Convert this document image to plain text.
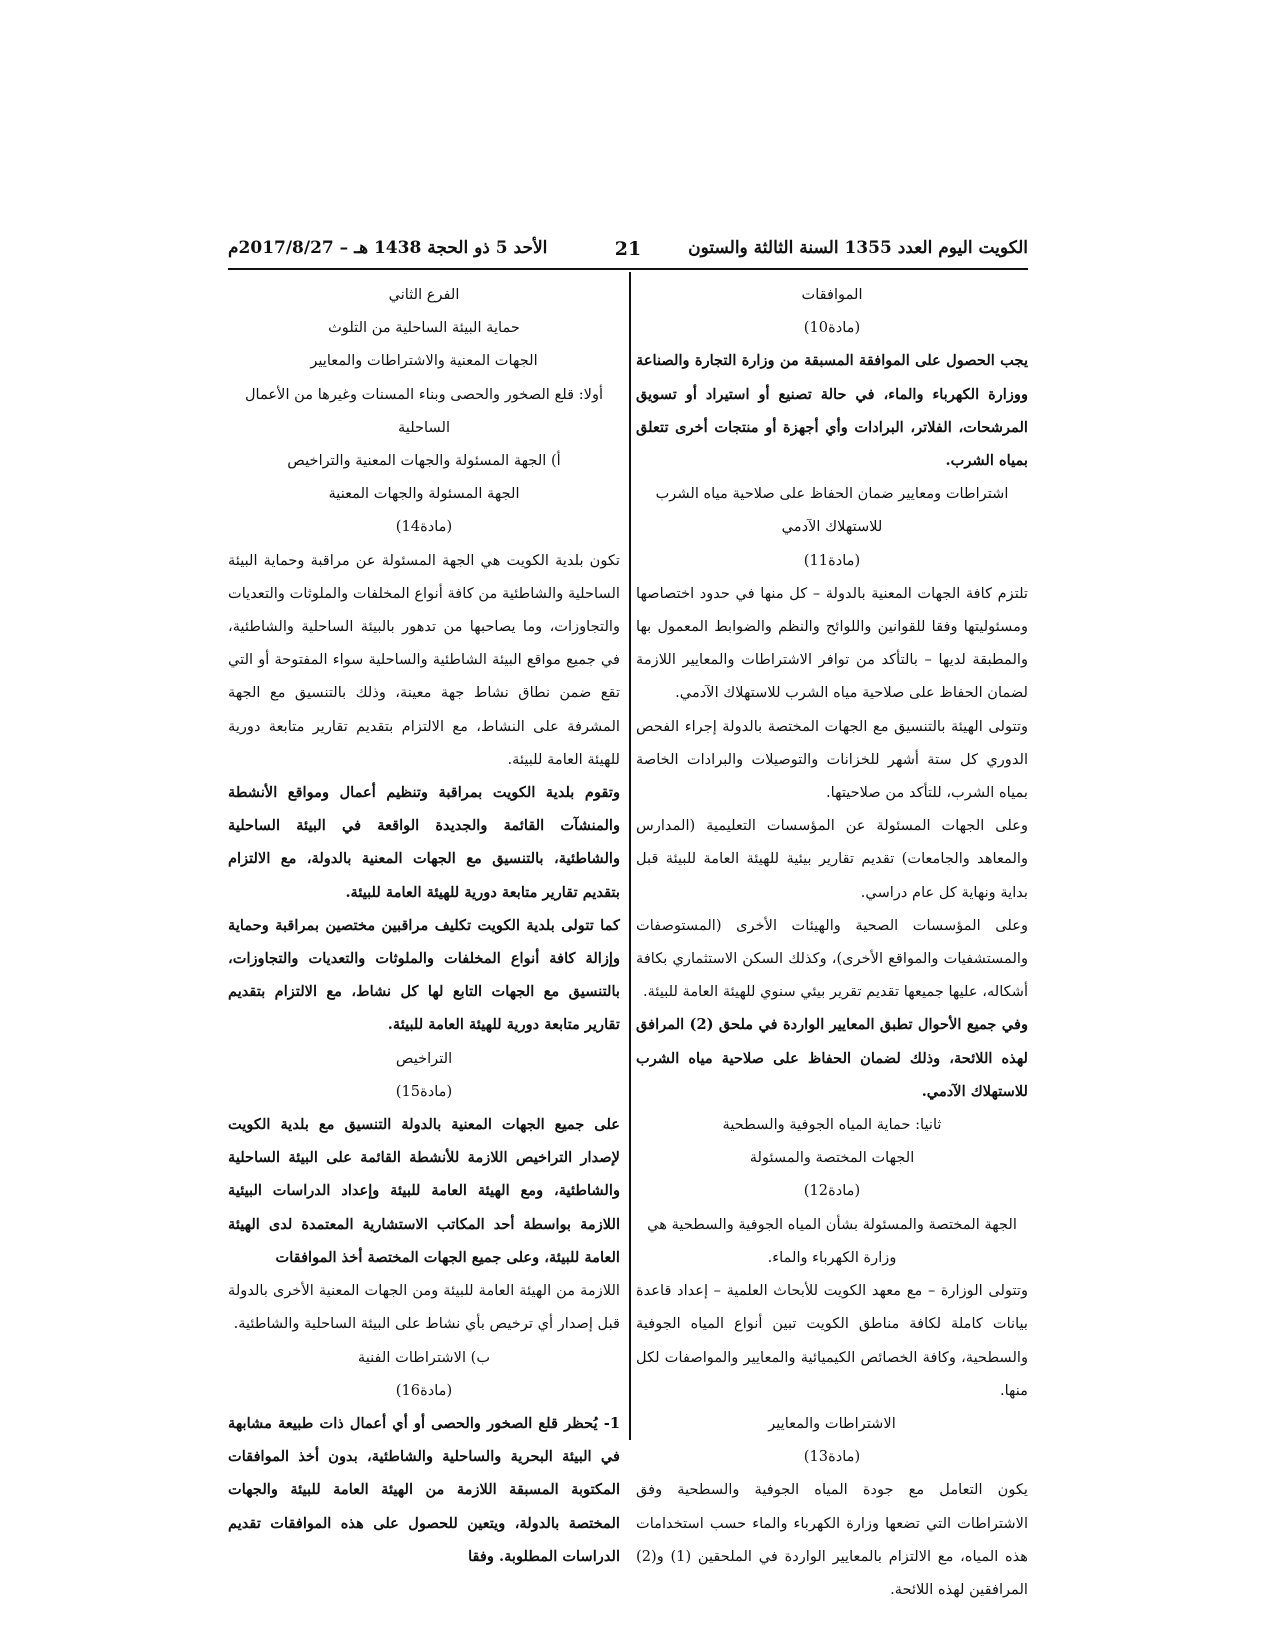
الكويت اليوم العدد 1355 السنة الثالثة والستون
21
الأحد 5 ذو الحجة 1438 هـ – 2017/8/27م

الموافقات

(مادة10)

يجب الحصول على الموافقة المسبقة من وزارة التجارة والصناعة ووزارة الكهرباء والماء، في حالة تصنيع أو استيراد أو تسويق المرشحات، الفلاتر، البرادات وأي أجهزة أو منتجات أخرى تتعلق بمياه الشرب.

اشتراطات ومعايير ضمان الحفاظ على صلاحية مياه الشرب للاستهلاك الآدمي

(مادة11)

تلتزم كافة الجهات المعنية بالدولة – كل منها في حدود اختصاصها ومسئوليتها وفقا للقوانين واللوائح والنظم والضوابط المعمول بها والمطبقة لديها – بالتأكد من توافر الاشتراطات والمعايير اللازمة لضمان الحفاظ على صلاحية مياه الشرب للاستهلاك الآدمي.

وتتولى الهيئة بالتنسيق مع الجهات المختصة بالدولة إجراء الفحص الدوري كل ستة أشهر للخزانات والتوصيلات والبرادات الخاصة بمياه الشرب، للتأكد من صلاحيتها.

وعلى الجهات المسئولة عن المؤسسات التعليمية (المدارس والمعاهد والجامعات) تقديم تقارير بيئية للهيئة العامة للبيئة قبل بداية ونهاية كل عام دراسي.

وعلى المؤسسات الصحية والهيئات الأخرى (المستوصفات والمستشفيات والمواقع الأخرى)، وكذلك السكن الاستثماري بكافة أشكاله، عليها جميعها تقديم تقرير بيئي سنوي للهيئة العامة للبيئة.

وفي جميع الأحوال تطبق المعايير الواردة في ملحق (2) المرافق لهذه اللائحة، وذلك لضمان الحفاظ على صلاحية مياه الشرب للاستهلاك الآدمي.

ثانيا: حماية المياه الجوفية والسطحية

الجهات المختصة والمسئولة

(مادة12)

الجهة المختصة والمسئولة بشأن المياه الجوفية والسطحية هي وزارة الكهرباء والماء.

وتتولى الوزارة – مع معهد الكويت للأبحاث العلمية – إعداد قاعدة بيانات كاملة لكافة مناطق الكويت تبين أنواع المياه الجوفية والسطحية، وكافة الخصائص الكيميائية والمعايير والمواصفات لكل منها.

الاشتراطات والمعايير

(مادة13)

يكون التعامل مع جودة المياه الجوفية والسطحية وفق الاشتراطات التي تضعها وزارة الكهرباء والماء حسب استخدامات هذه المياه، مع الالتزام بالمعايير الواردة في الملحقين (1) و(2) المرافقين لهذه اللائحة.

الفرع الثاني

حماية البيئة الساحلية من التلوث

الجهات المعنية والاشتراطات والمعايير

أولا: قلع الصخور والحصى وبناء المسنات وغيرها من الأعمال الساحلية

أ) الجهة المسئولة والجهات المعنية والتراخيص

الجهة المسئولة والجهات المعنية

(مادة14)

تكون بلدية الكويت هي الجهة المسئولة عن مراقبة وحماية البيئة الساحلية والشاطئية من كافة أنواع المخلفات والملوثات والتعديات والتجاوزات، وما يصاحبها من تدهور بالبيئة الساحلية والشاطئية، في جميع مواقع البيئة الشاطئية والساحلية سواء المفتوحة أو التي تقع ضمن نطاق نشاط جهة معينة، وذلك بالتنسيق مع الجهة المشرفة على النشاط، مع الالتزام بتقديم تقارير متابعة دورية للهيئة العامة للبيئة.

وتقوم بلدية الكويت بمراقبة وتنظيم أعمال ومواقع الأنشطة والمنشآت القائمة والجديدة الواقعة في البيئة الساحلية والشاطئية، بالتنسيق مع الجهات المعنية بالدولة، مع الالتزام بتقديم تقارير متابعة دورية للهيئة العامة للبيئة.

كما تتولى بلدية الكويت تكليف مراقبين مختصين بمراقبة وحماية وإزالة كافة أنواع المخلفات والملوثات والتعديات والتجاوزات، بالتنسيق مع الجهات التابع لها كل نشاط، مع الالتزام بتقديم تقارير متابعة دورية للهيئة العامة للبيئة.

التراخيص

(مادة15)

على جميع الجهات المعنية بالدولة التنسيق مع بلدية الكويت لإصدار التراخيص اللازمة للأنشطة القائمة على البيئة الساحلية والشاطئية، ومع الهيئة العامة للبيئة وإعداد الدراسات البيئية اللازمة بواسطة أحد المكاتب الاستشارية المعتمدة لدى الهيئة العامة للبيئة، وعلى جميع الجهات المختصة أخذ الموافقات

اللازمة من الهيئة العامة للبيئة ومن الجهات المعنية الأخرى بالدولة قبل إصدار أي ترخيص بأي نشاط على البيئة الساحلية والشاطئية.

ب) الاشتراطات الفنية

(مادة16)

1- يُحظر قلع الصخور والحصى أو أي أعمال ذات طبيعة مشابهة في البيئة البحرية والساحلية والشاطئية، بدون أخذ الموافقات المكتوبة المسبقة اللازمة من الهيئة العامة للبيئة والجهات المختصة بالدولة، ويتعين للحصول على هذه الموافقات تقديم الدراسات المطلوبة. وفقا
